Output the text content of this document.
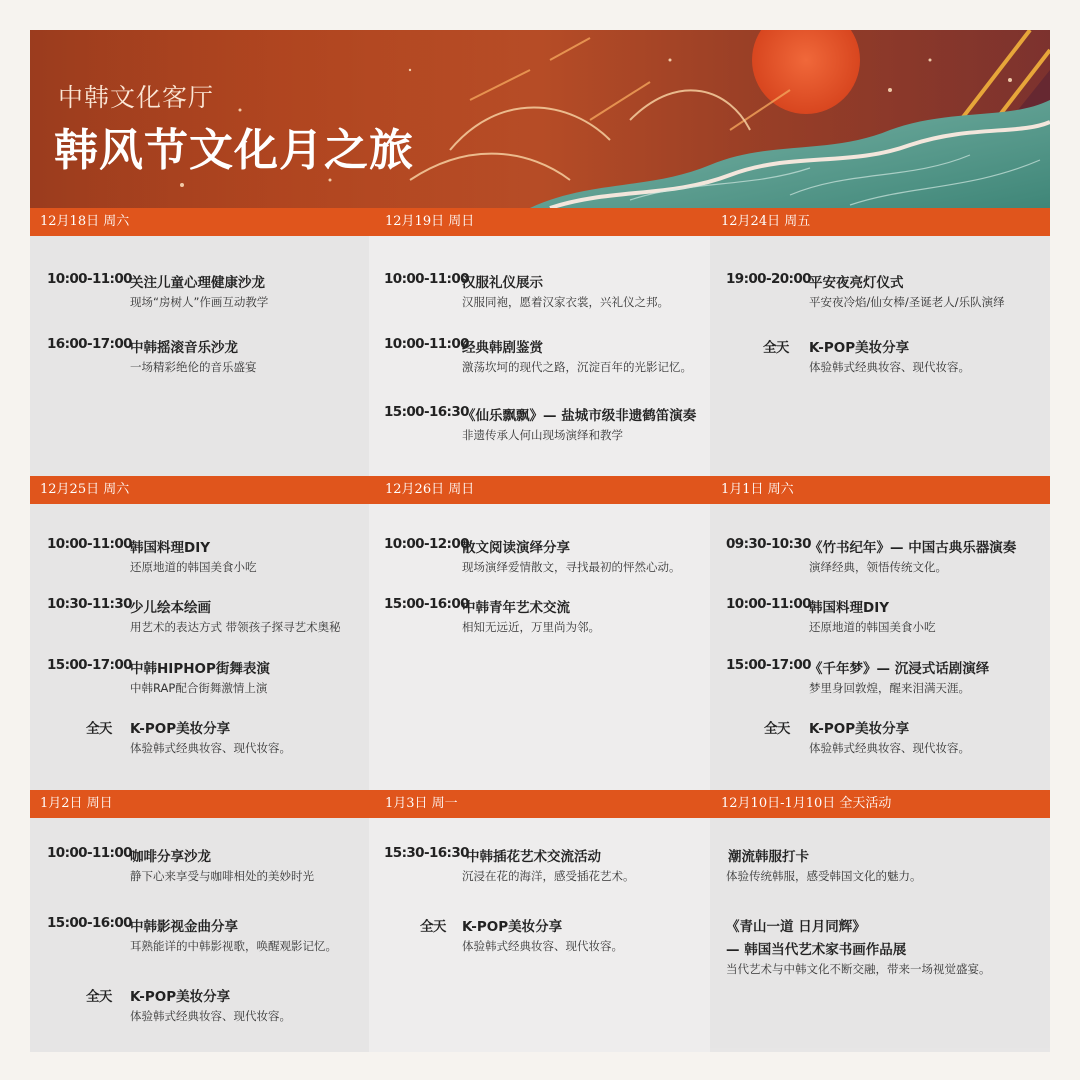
中韩文化客厅
韩风节文化月之旅
12月18日 周六
10:00-11:00
关注儿童心理健康沙龙
现场“房树人”作画互动教学
16:00-17:00
中韩摇滚音乐沙龙
一场精彩绝伦的音乐盛宴
12月19日 周日
10:00-11:00
汉服礼仪展示
汉服同袍，愿着汉家衣裳，兴礼仪之邦。
10:00-11:00
经典韩剧鉴赏
激荡坎坷的现代之路，沉淀百年的光影记忆。
15:00-16:30
《仙乐飘飘》— 盐城市级非遗鹤笛演奏
非遗传承人何山现场演绎和教学
12月24日 周五
19:00-20:00
平安夜亮灯仪式
平安夜冷焰/仙女棒/圣诞老人/乐队演绎
全天 K-POP美妆分享
体验韩式经典妆容、现代妆容。
12月25日 周六
10:00-11:00
韩国料理DIY
还原地道的韩国美食小吃
10:30-11:30
少儿绘本绘画
用艺术的表达方式 带领孩子探寻艺术奥秘
15:00-17:00
中韩HIPHOP街舞表演
中韩RAP配合街舞激情上演
全天 K-POP美妆分享
体验韩式经典妆容、现代妆容。
12月26日 周日
10:00-12:00
散文阅读演绎分享
现场演绎爱情散文，寻找最初的怦然心动。
15:00-16:00
中韩青年艺术交流
相知无远近，万里尚为邻。
1月1日 周六
09:30-10:30
《竹书纪年》— 中国古典乐器演奏
演绎经典，领悟传统文化。
10:00-11:00
韩国料理DIY
还原地道的韩国美食小吃
15:00-17:00
《千年梦》— 沉浸式话剧演绎
梦里身回敦煌，醒来泪满天涯。
全天 K-POP美妆分享
体验韩式经典妆容、现代妆容。
1月2日 周日
10:00-11:00
咖啡分享沙龙
静下心来享受与咖啡相处的美妙时光
15:00-16:00
中韩影视金曲分享
耳熟能详的中韩影视歌，唤醒观影记忆。
全天 K-POP美妆分享
体验韩式经典妆容、现代妆容。
1月3日 周一
15:30-16:30
中韩插花艺术交流活动
沉浸在花的海洋，感受插花艺术。
全天 K-POP美妆分享
体验韩式经典妆容、现代妆容。
12月10日-1月10日 全天活动
潮流韩服打卡
体验传统韩服，感受韩国文化的魅力。
《青山一道 日月同辉》
— 韩国当代艺术家书画作品展
当代艺术与中韩文化不断交融，带来一场视觉盛宴。
